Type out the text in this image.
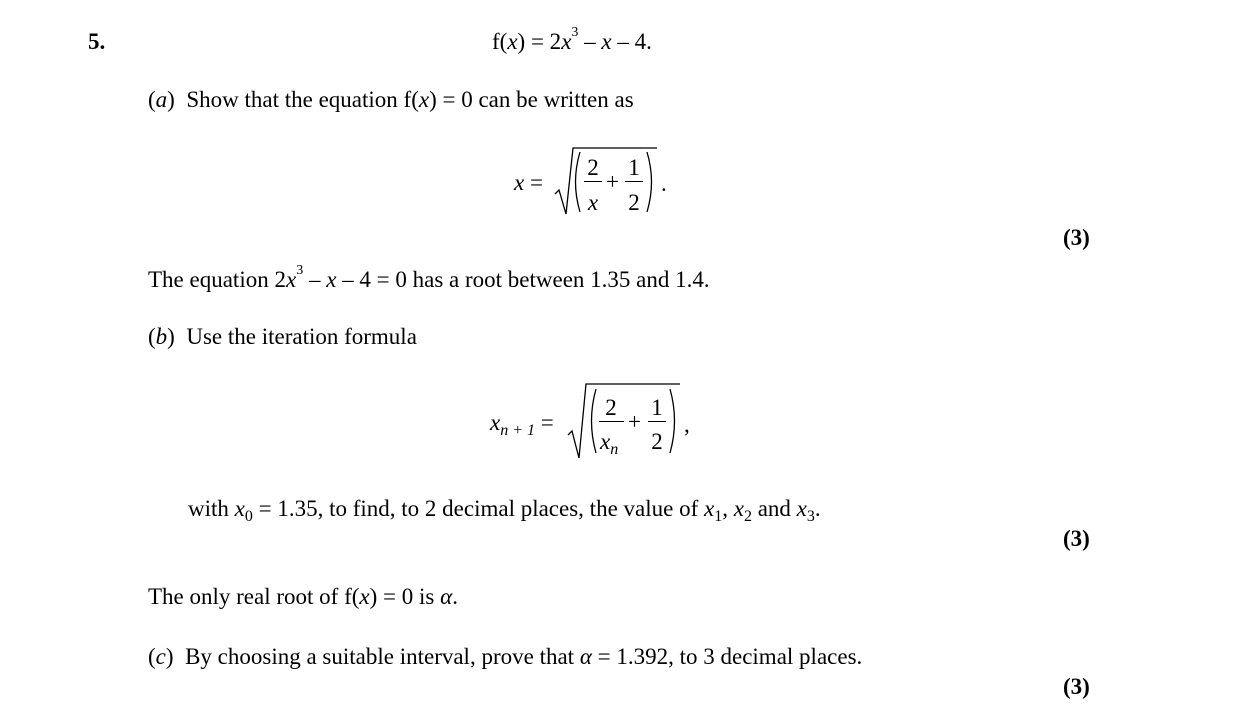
5.	$f(x) = 2x^3 - x - 4$.
(a)  Show that the equation f(x) = 0 can be written as
x =
2
x
+
1
2
.
(3)
The equation $2x^3 - x - 4 = 0$ has a root between 1.35 and 1.4.
(b)  Use the iteration formula
$x_{n + 1}$ =
2
$x_n$
+
1
2
,
with $x_0 = 1.35$, to find, to 2 decimal places, the value of $x_1$, $x_2$ and $x_3$.
(3)
The only real root of f(x) = 0 is α.
(c)  By choosing a suitable interval, prove that α = 1.392, to 3 decimal places.
(3)
